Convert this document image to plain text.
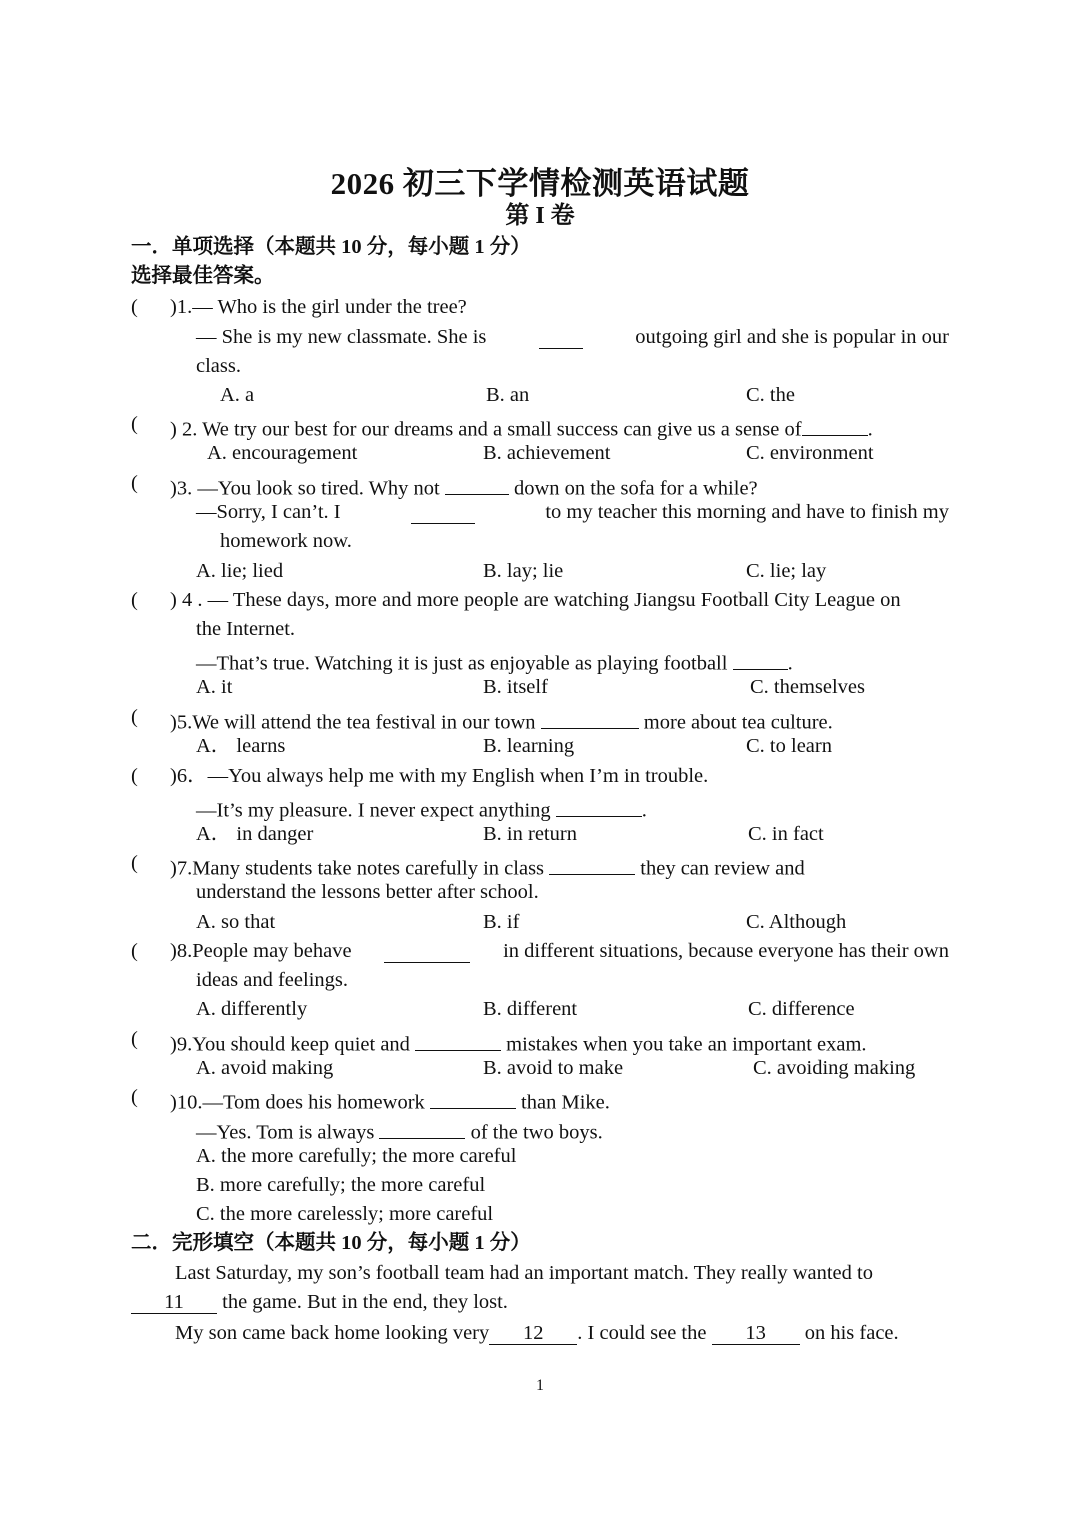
2026 初三下学情检测英语试题
第 I 卷
一．单项选择（本题共 10 分，每小题 1 分）
选择最佳答案。
( )1.— Who is the girl under the tree?
— She is my new classmate. She is	outgoing girl and she is popular in our
class.
A. a	B. an	C. the
( ) 2. We try our best for our dreams and a small success can give us a sense of	.
A. encouragement	B. achievement	C. environment
( )3. —You look so tired. Why not	down on the sofa for a while?
—Sorry, I can’t. I	to my teacher this morning and have to finish my
homework now.
A. lie; lied	B. lay; lie	C. lie; lay
( ) 4 . — These days, more and more people are watching Jiangsu Football City League on
the Internet.
—That’s true. Watching it is just as enjoyable as playing football	.
A. it	B. itself	C. themselves
( )5.We will attend the tea festival in our town	more about tea culture.
A． learns	B. learning	C. to learn
( )6．—You always help me with my English when I’m in trouble.
—It’s my pleasure. I never expect anything	.
A． in danger	B. in return	C. in fact
( )7.Many students take notes carefully in class	they can review and
understand the lessons better after school.
A. so that	B. if	C. Although
( )8.People may behave	in different situations, because everyone has their own
ideas and feelings.
A. differently	B. different	C. difference
( )9.You should keep quiet and	mistakes when you take an important exam.
A. avoid making	B. avoid to make	C. avoiding making
( )10.—Tom does his homework	than Mike.
—Yes. Tom is always	of the two boys.
A. the more carefully; the more careful
B. more carefully; the more careful
C. the more carelessly; more careful
二．完形填空（本题共 10 分，每小题 1 分）
Last Saturday, my son’s football team had an important match. They really wanted to
11 the game. But in the end, they lost.
My son came back home looking very 12 . I could see the 13 on his face.
1
